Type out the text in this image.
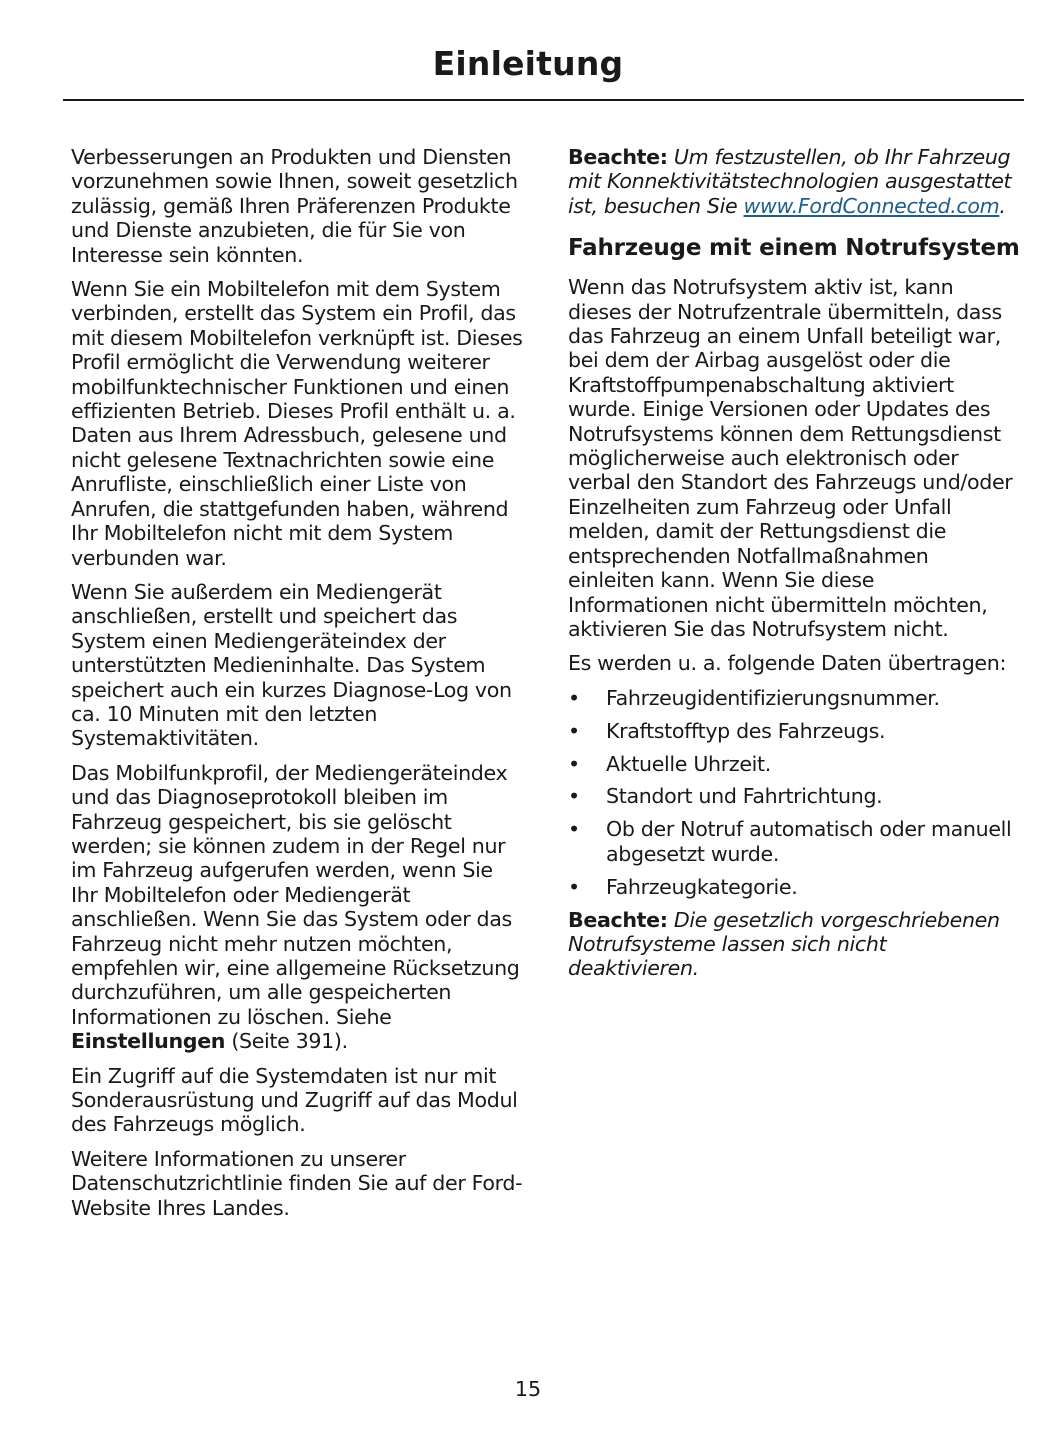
Einleitung

Verbesserungen an Produkten und Diensten vorzunehmen sowie Ihnen, soweit gesetzlich zulässig, gemäß Ihren Präferenzen Produkte und Dienste anzubieten, die für Sie von Interesse sein könnten.

Wenn Sie ein Mobiltelefon mit dem System verbinden, erstellt das System ein Profil, das mit diesem Mobiltelefon verknüpft ist. Dieses Profil ermöglicht die Verwendung weiterer mobilfunktechnischer Funktionen und einen effizienten Betrieb. Dieses Profil enthält u. a. Daten aus Ihrem Adressbuch, gelesene und nicht gelesene Textnachrichten sowie eine Anrufliste, einschließlich einer Liste von Anrufen, die stattgefunden haben, während Ihr Mobiltelefon nicht mit dem System verbunden war.

Wenn Sie außerdem ein Mediengerät anschließen, erstellt und speichert das System einen Mediengeräteindex der unterstützten Medieninhalte. Das System speichert auch ein kurzes Diagnose-Log von ca. 10 Minuten mit den letzten Systemaktivitäten.

Das Mobilfunkprofil, der Mediengeräteindex und das Diagnoseprotokoll bleiben im Fahrzeug gespeichert, bis sie gelöscht werden; sie können zudem in der Regel nur im Fahrzeug aufgerufen werden, wenn Sie Ihr Mobiltelefon oder Mediengerät anschließen. Wenn Sie das System oder das Fahrzeug nicht mehr nutzen möchten, empfehlen wir, eine allgemeine Rücksetzung durchzuführen, um alle gespeicherten Informationen zu löschen. Siehe Einstellungen (Seite 391).

Ein Zugriff auf die Systemdaten ist nur mit Sonderausrüstung und Zugriff auf das Modul des Fahrzeugs möglich.

Weitere Informationen zu unserer Datenschutzrichtlinie finden Sie auf der Ford-Website Ihres Landes.

Beachte: Um festzustellen, ob Ihr Fahrzeug mit Konnektivitätstechnologien ausgestattet ist, besuchen Sie www.FordConnected.com.

Fahrzeuge mit einem Notrufsystem

Wenn das Notrufsystem aktiv ist, kann dieses der Notrufzentrale übermitteln, dass das Fahrzeug an einem Unfall beteiligt war, bei dem der Airbag ausgelöst oder die Kraftstoffpumpenabschaltung aktiviert wurde. Einige Versionen oder Updates des Notrufsystems können dem Rettungsdienst möglicherweise auch elektronisch oder verbal den Standort des Fahrzeugs und/oder Einzelheiten zum Fahrzeug oder Unfall melden, damit der Rettungsdienst die entsprechenden Notfallmaßnahmen einleiten kann. Wenn Sie diese Informationen nicht übermitteln möchten, aktivieren Sie das Notrufsystem nicht.

Es werden u. a. folgende Daten übertragen:

• Fahrzeugidentifizierungsnummer.
• Kraftstofftyp des Fahrzeugs.
• Aktuelle Uhrzeit.
• Standort und Fahrtrichtung.
• Ob der Notruf automatisch oder manuell abgesetzt wurde.
• Fahrzeugkategorie.

Beachte: Die gesetzlich vorgeschriebenen Notrufsysteme lassen sich nicht deaktivieren.

15
